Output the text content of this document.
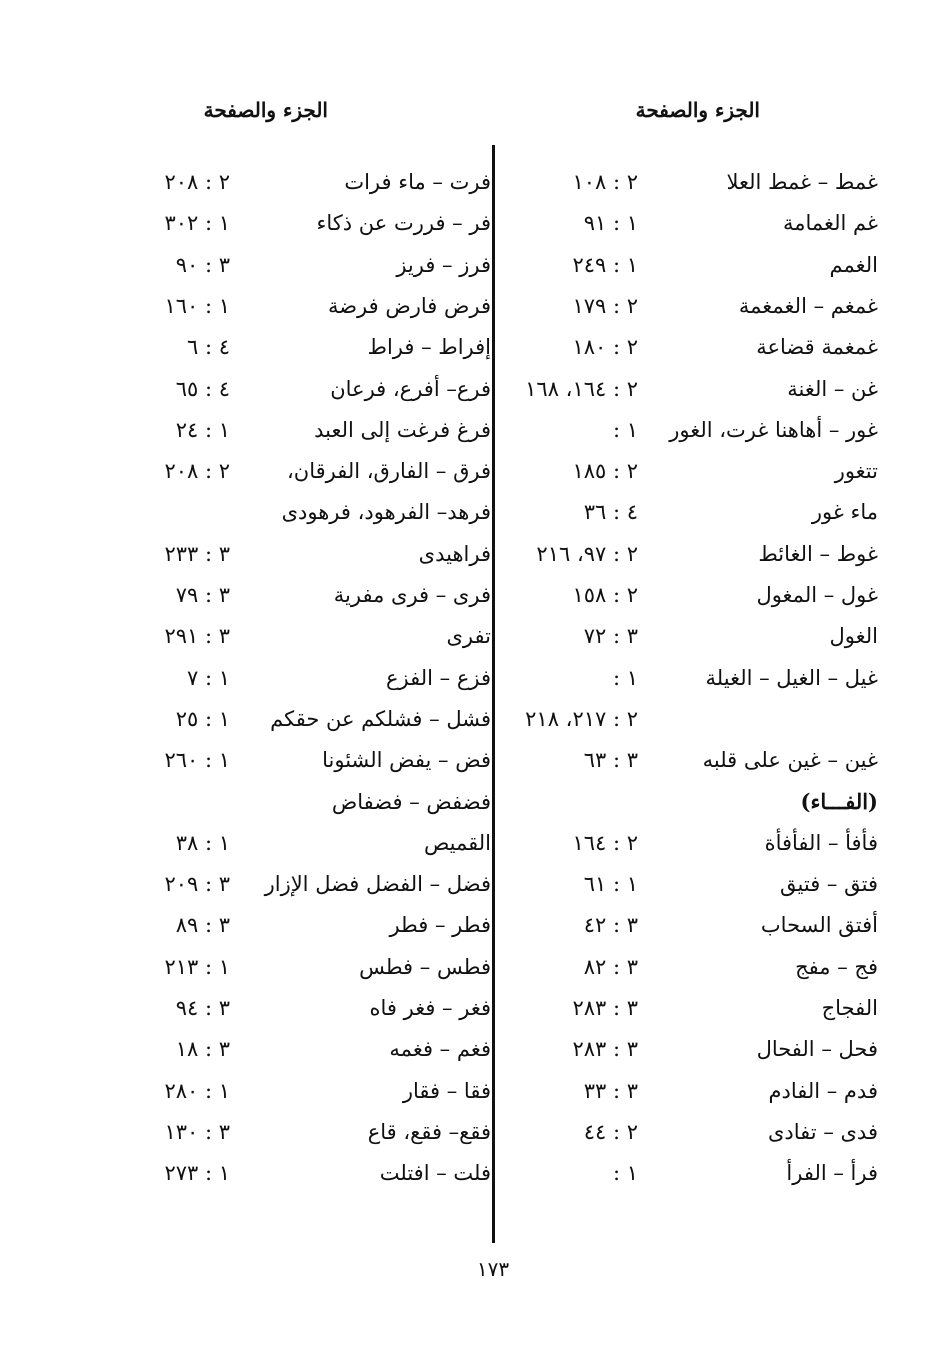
الجزء والصفحة
الجزء والصفحة
غمط – غمط العلا
٢ : ١٠٨
غم الغمامة
١ : ٩١
الغمم
١ : ٢٤٩
غمغم – الغمغمة
٢ : ١٧٩
غمغمة قضاعة
٢ : ١٨٠
غن – الغنة
٢ : ١٦٤، ١٦٨
غور – أهاهنا غرت، الغور
١ :
تتغور
٢ : ١٨٥
ماء غور
٤ : ٣٦
غوط – الغائط
٢ : ٩٧، ٢١٦
غول – المغول
٢ : ١٥٨
الغول
٣ : ٧٢
غيل – الغيل – الغيلة
١ :
٢ : ٢١٧، ٢١٨
غين – غين على قلبه
٣ : ٦٣
(الفـــاء)
فأفأ – الفأفأة
٢ : ١٦٤
فتق – فتيق
١ : ٦١
أفتق السحاب
٣ : ٤٢
فج – مفج
٣ : ٨٢
الفجاج
٣ : ٢٨٣
فحل – الفحال
٣ : ٢٨٣
فدم – الفادم
٣ : ٣٣
فدى – تفادى
٢ : ٤٤
فرأ – الفرأ
١ :
فرت – ماء فرات
٢ : ٢٠٨
فر – فررت عن ذكاء
١ : ٣٠٢
فرز – فريز
٣ : ٩٠
فرض فارض فرضة
١ : ١٦٠
إفراط – فراط
٤ : ٦
فرع– أفرع، فرعان
٤ : ٦٥
فرغ فرغت إلى العبد
١ : ٢٤
فرق – الفارق، الفرقان،
٢ : ٢٠٨
فرهد– الفرهود، فرهودى
فراهيدى
٣ : ٢٣٣
فرى – فرى مفرية
٣ : ٧٩
تفرى
٣ : ٢٩١
فزع – الفزع
١ : ٧
فشل – فشلكم عن حقكم
١ : ٢٥
فض – يفض الشئونا
١ : ٢٦٠
فضفض – فضفاض
القميص
١ : ٣٨
فضل – الفضل فضل الإزار
٣ : ٢٠٩
فطر – فطر
٣ : ٨٩
فطس – فطس
١ : ٢١٣
فغر – فغر فاه
٣ : ٩٤
فغم – فغمه
٣ : ١٨
فقا – فقار
١ : ٢٨٠
فقع– فقع، قاع
٣ : ١٣٠
فلت – افتلت
١ : ٢٧٣
١٧٣
